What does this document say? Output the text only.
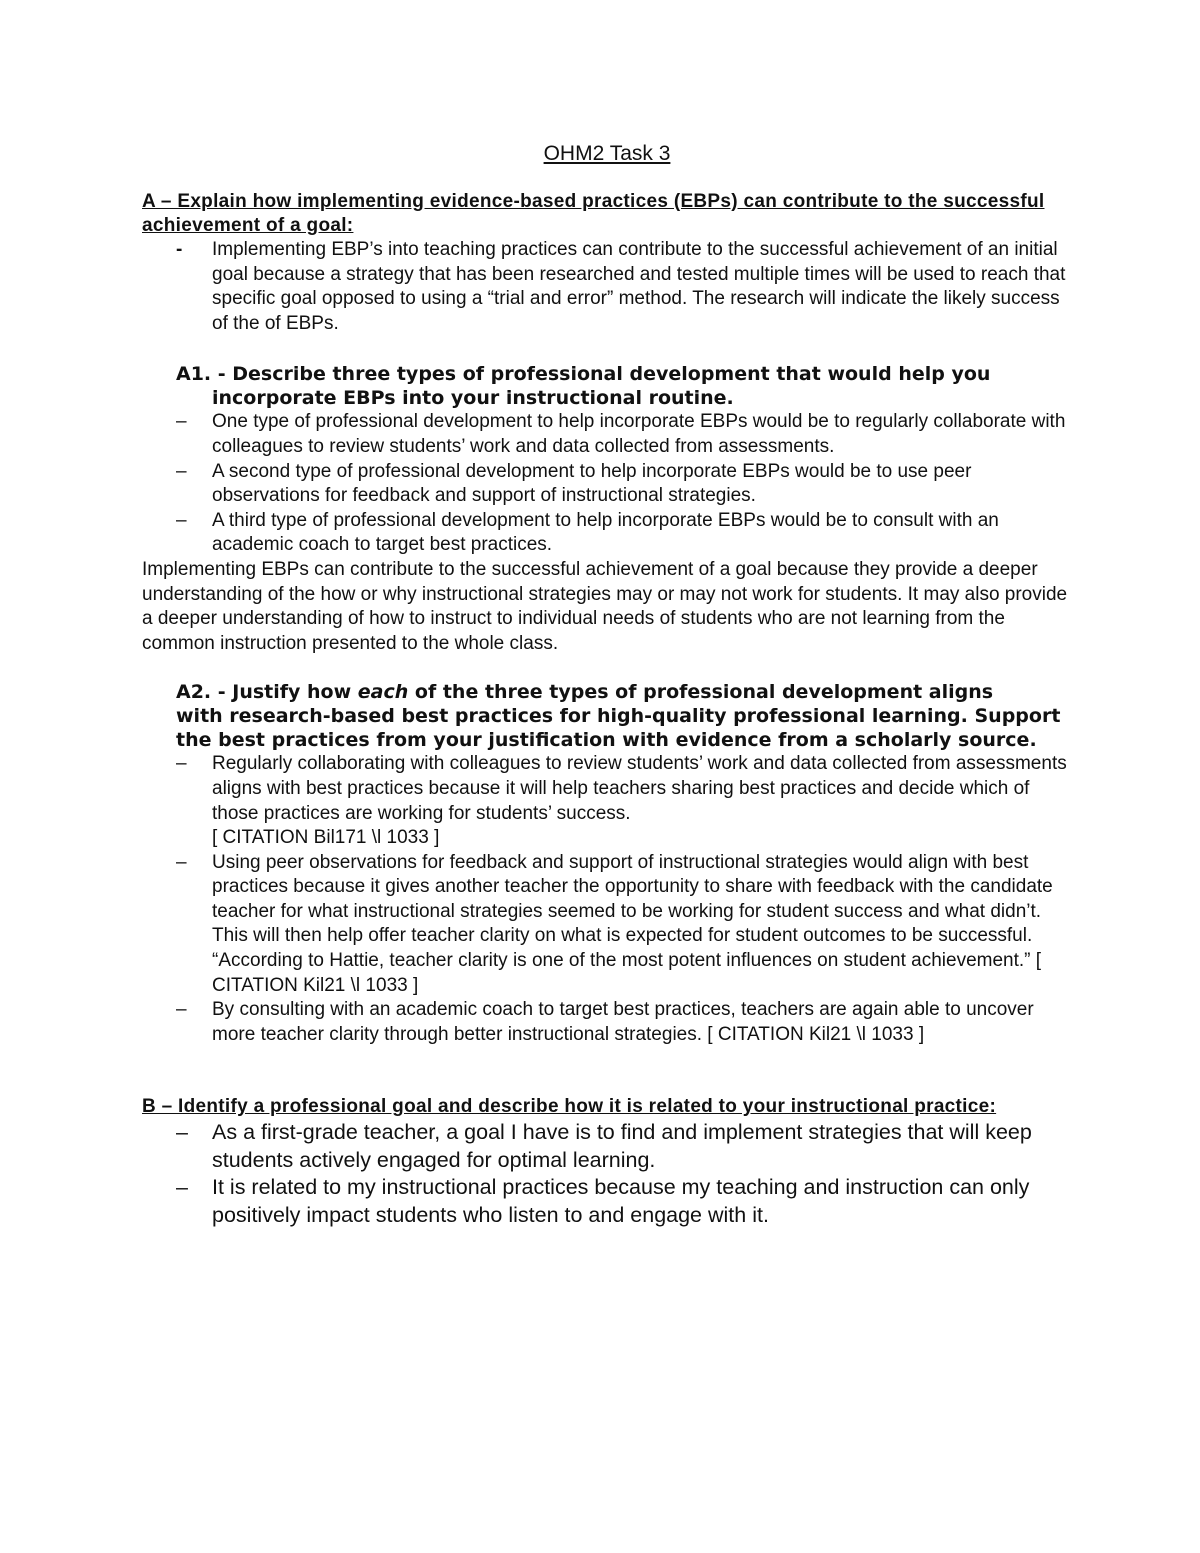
OHM2 Task 3

A – Explain how implementing evidence-based practices (EBPs) can contribute to the successful achievement of a goal:

- Implementing EBP’s into teaching practices can contribute to the successful achievement of an initial goal because a strategy that has been researched and tested multiple times will be used to reach that specific goal opposed to using a “trial and error” method. The research will indicate the likely success of the of EBPs.
A1. - Describe three types of professional development that would help you
incorporate EBPs into your instructional routine.
– One type of professional development to help incorporate EBPs would be to regularly collaborate with colleagues to review students’ work and data collected from assessments.
– A second type of professional development to help incorporate EBPs would be to use peer observations for feedback and support of instructional strategies.
– A third type of professional development to help incorporate EBPs would be to consult with an academic coach to target best practices.

Implementing EBPs can contribute to the successful achievement of a goal because they provide a deeper understanding of the how or why instructional strategies may or may not work for students. It may also provide a deeper understanding of how to instruct to individual needs of students who are not learning from the common instruction presented to the whole class.

A2. - Justify how each of the three types of professional development aligns
with research-based best practices for high-quality professional learning. Support the best practices from your justification with evidence from a scholarly source.
– Regularly collaborating with colleagues to review students’ work and data collected from assessments aligns with best practices because it will help teachers sharing best practices and decide which of those practices are working for students’ success.
[ CITATION Bil171 \l 1033 ]
– Using peer observations for feedback and support of instructional strategies would align with best practices because it gives another teacher the opportunity to share with feedback with the candidate teacher for what instructional strategies seemed to be working for student success and what didn’t. This will then help offer teacher clarity on what is expected for student outcomes to be successful. “According to Hattie, teacher clarity is one of the most potent influences on student achievement.” [ CITATION Kil21 \l 1033 ]
– By consulting with an academic coach to target best practices, teachers are again able to uncover more teacher clarity through better instructional strategies. [ CITATION Kil21 \l 1033 ]

B – Identify a professional goal and describe how it is related to your instructional practice:

– As a first-grade teacher, a goal I have is to find and implement strategies that will keep students actively engaged for optimal learning.
– It is related to my instructional practices because my teaching and instruction can only positively impact students who listen to and engage with it.
